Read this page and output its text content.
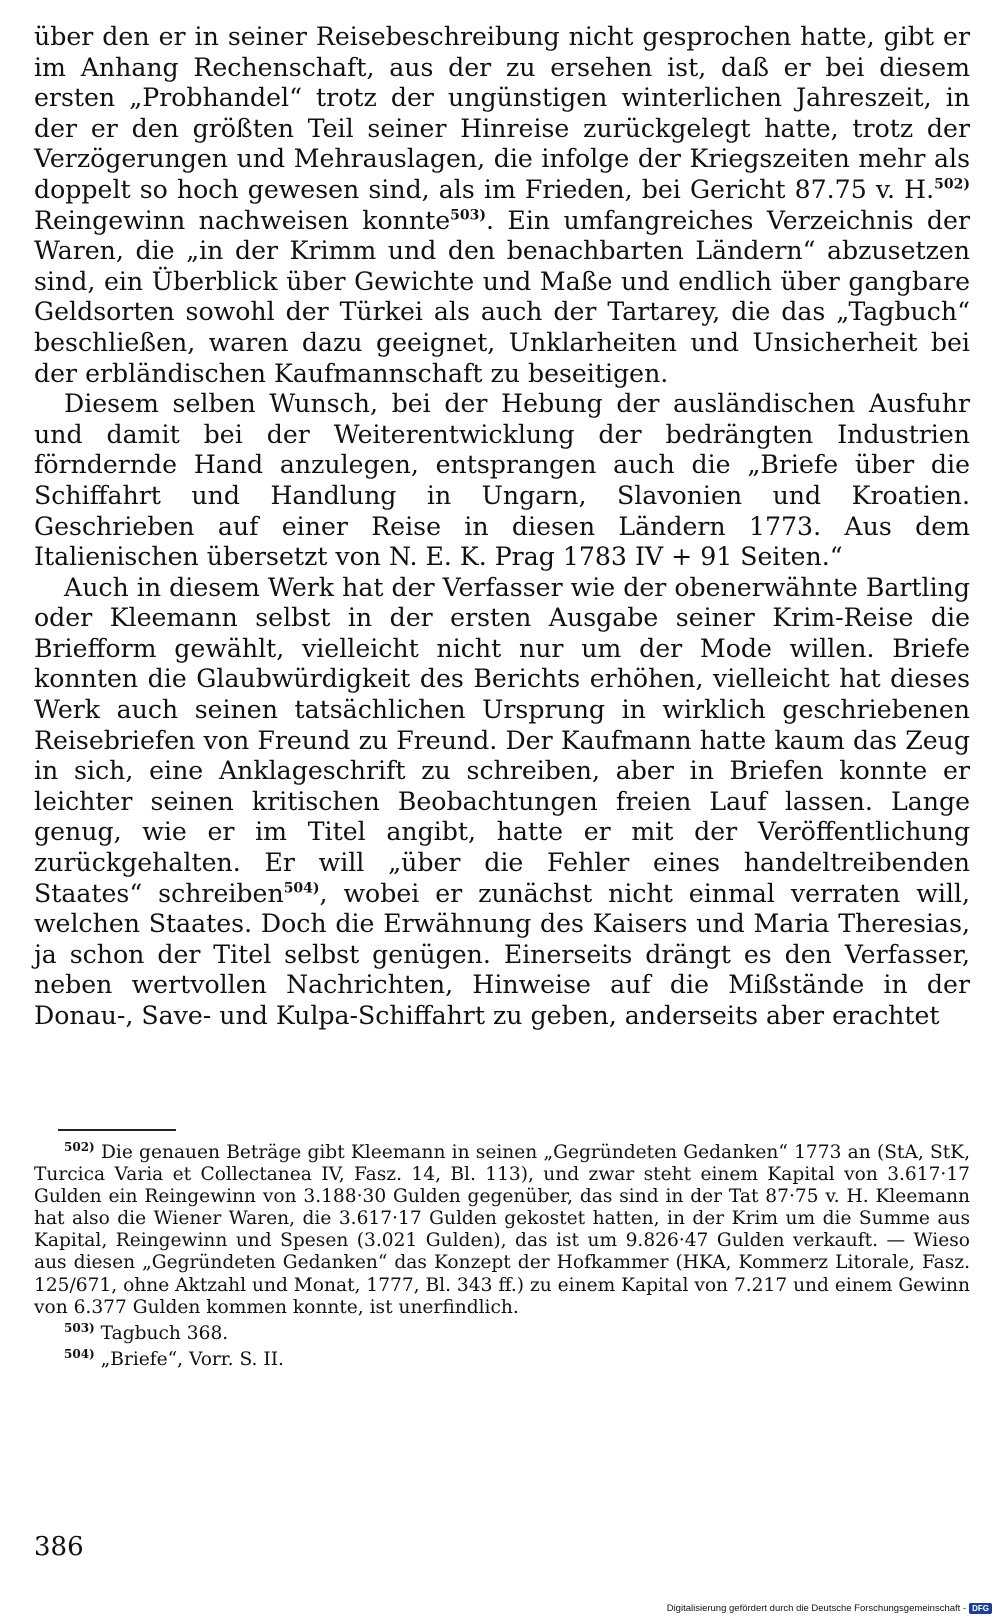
über den er in seiner Reisebeschreibung nicht gesprochen hatte, gibt er im Anhang Rechenschaft, aus der zu ersehen ist, daß er bei diesem ersten „Probhandel“ trotz der ungünstigen winterlichen Jahreszeit, in der er den größten Teil seiner Hinreise zurückgelegt hatte, trotz der Verzögerungen und Mehrauslagen, die infolge der Kriegszeiten mehr als doppelt so hoch gewesen sind, als im Frieden, bei Gericht 87.75 v. H.$^{502)}$ Reingewinn nachweisen konnte$^{503)}$. Ein umfangreiches Verzeichnis der Waren, die „in der Krimm und den benachbarten Ländern“ abzusetzen sind, ein Überblick über Gewichte und Maße und endlich über gangbare Geldsorten sowohl der Türkei als auch der Tartarey, die das „Tagbuch“ beschließen, waren dazu geeignet, Unklarheiten und Unsicherheit bei der erbländischen Kaufmannschaft zu beseitigen.

Diesem selben Wunsch, bei der Hebung der ausländischen Ausfuhr und damit bei der Weiterentwicklung der bedrängten Industrien förndernde Hand anzulegen, entsprangen auch die „Briefe über die Schiffahrt und Handlung in Ungarn, Slavonien und Kroatien. Geschrieben auf einer Reise in diesen Ländern 1773. Aus dem Italienischen übersetzt von N. E. K. Prag 1783 IV + 91 Seiten.“

Auch in diesem Werk hat der Verfasser wie der obenerwähnte Bartling oder Kleemann selbst in der ersten Ausgabe seiner Krim-Reise die Briefform gewählt, vielleicht nicht nur um der Mode willen. Briefe konnten die Glaubwürdigkeit des Berichts erhöhen, vielleicht hat dieses Werk auch seinen tatsächlichen Ursprung in wirklich geschriebenen Reisebriefen von Freund zu Freund. Der Kaufmann hatte kaum das Zeug in sich, eine Anklageschrift zu schreiben, aber in Briefen konnte er leichter seinen kritischen Beobachtungen freien Lauf lassen. Lange genug, wie er im Titel angibt, hatte er mit der Veröffentlichung zurückgehalten. Er will „über die Fehler eines handeltreibenden Staates“ schreiben$^{504)}$, wobei er zunächst nicht einmal verraten will, welchen Staates. Doch die Erwähnung des Kaisers und Maria Theresias, ja schon der Titel selbst genügen. Einerseits drängt es den Verfasser, neben wertvollen Nachrichten, Hinweise auf die Mißstände in der Donau-, Save- und Kulpa-Schiffahrt zu geben, anderseits aber erachtet

$^{502)}$ Die genauen Beträge gibt Kleemann in seinen „Gegründeten Gedanken“ 1773 an (StA, StK, Turcica Varia et Collectanea IV, Fasz. 14, Bl. 113), und zwar steht einem Kapital von 3.617·17 Gulden ein Reingewinn von 3.188·30 Gulden gegenüber, das sind in der Tat 87·75 v. H. Kleemann hat also die Wiener Waren, die 3.617·17 Gulden gekostet hatten, in der Krim um die Summe aus Kapital, Reingewinn und Spesen (3.021 Gulden), das ist um 9.826·47 Gulden verkauft. — Wieso aus diesen „Gegründeten Gedanken“ das Konzept der Hofkammer (HKA, Kommerz Litorale, Fasz. 125/671, ohne Aktzahl und Monat, 1777, Bl. 343 ff.) zu einem Kapital von 7.217 und einem Gewinn von 6.377 Gulden kommen konnte, ist unerfindlich.

$^{503)}$ Tagbuch 368.

$^{504)}$ „Briefe“, Vorr. S. II.

386
Digitalisierung gefördert durch die Deutsche Forschungsgemeinschaft - DFG
